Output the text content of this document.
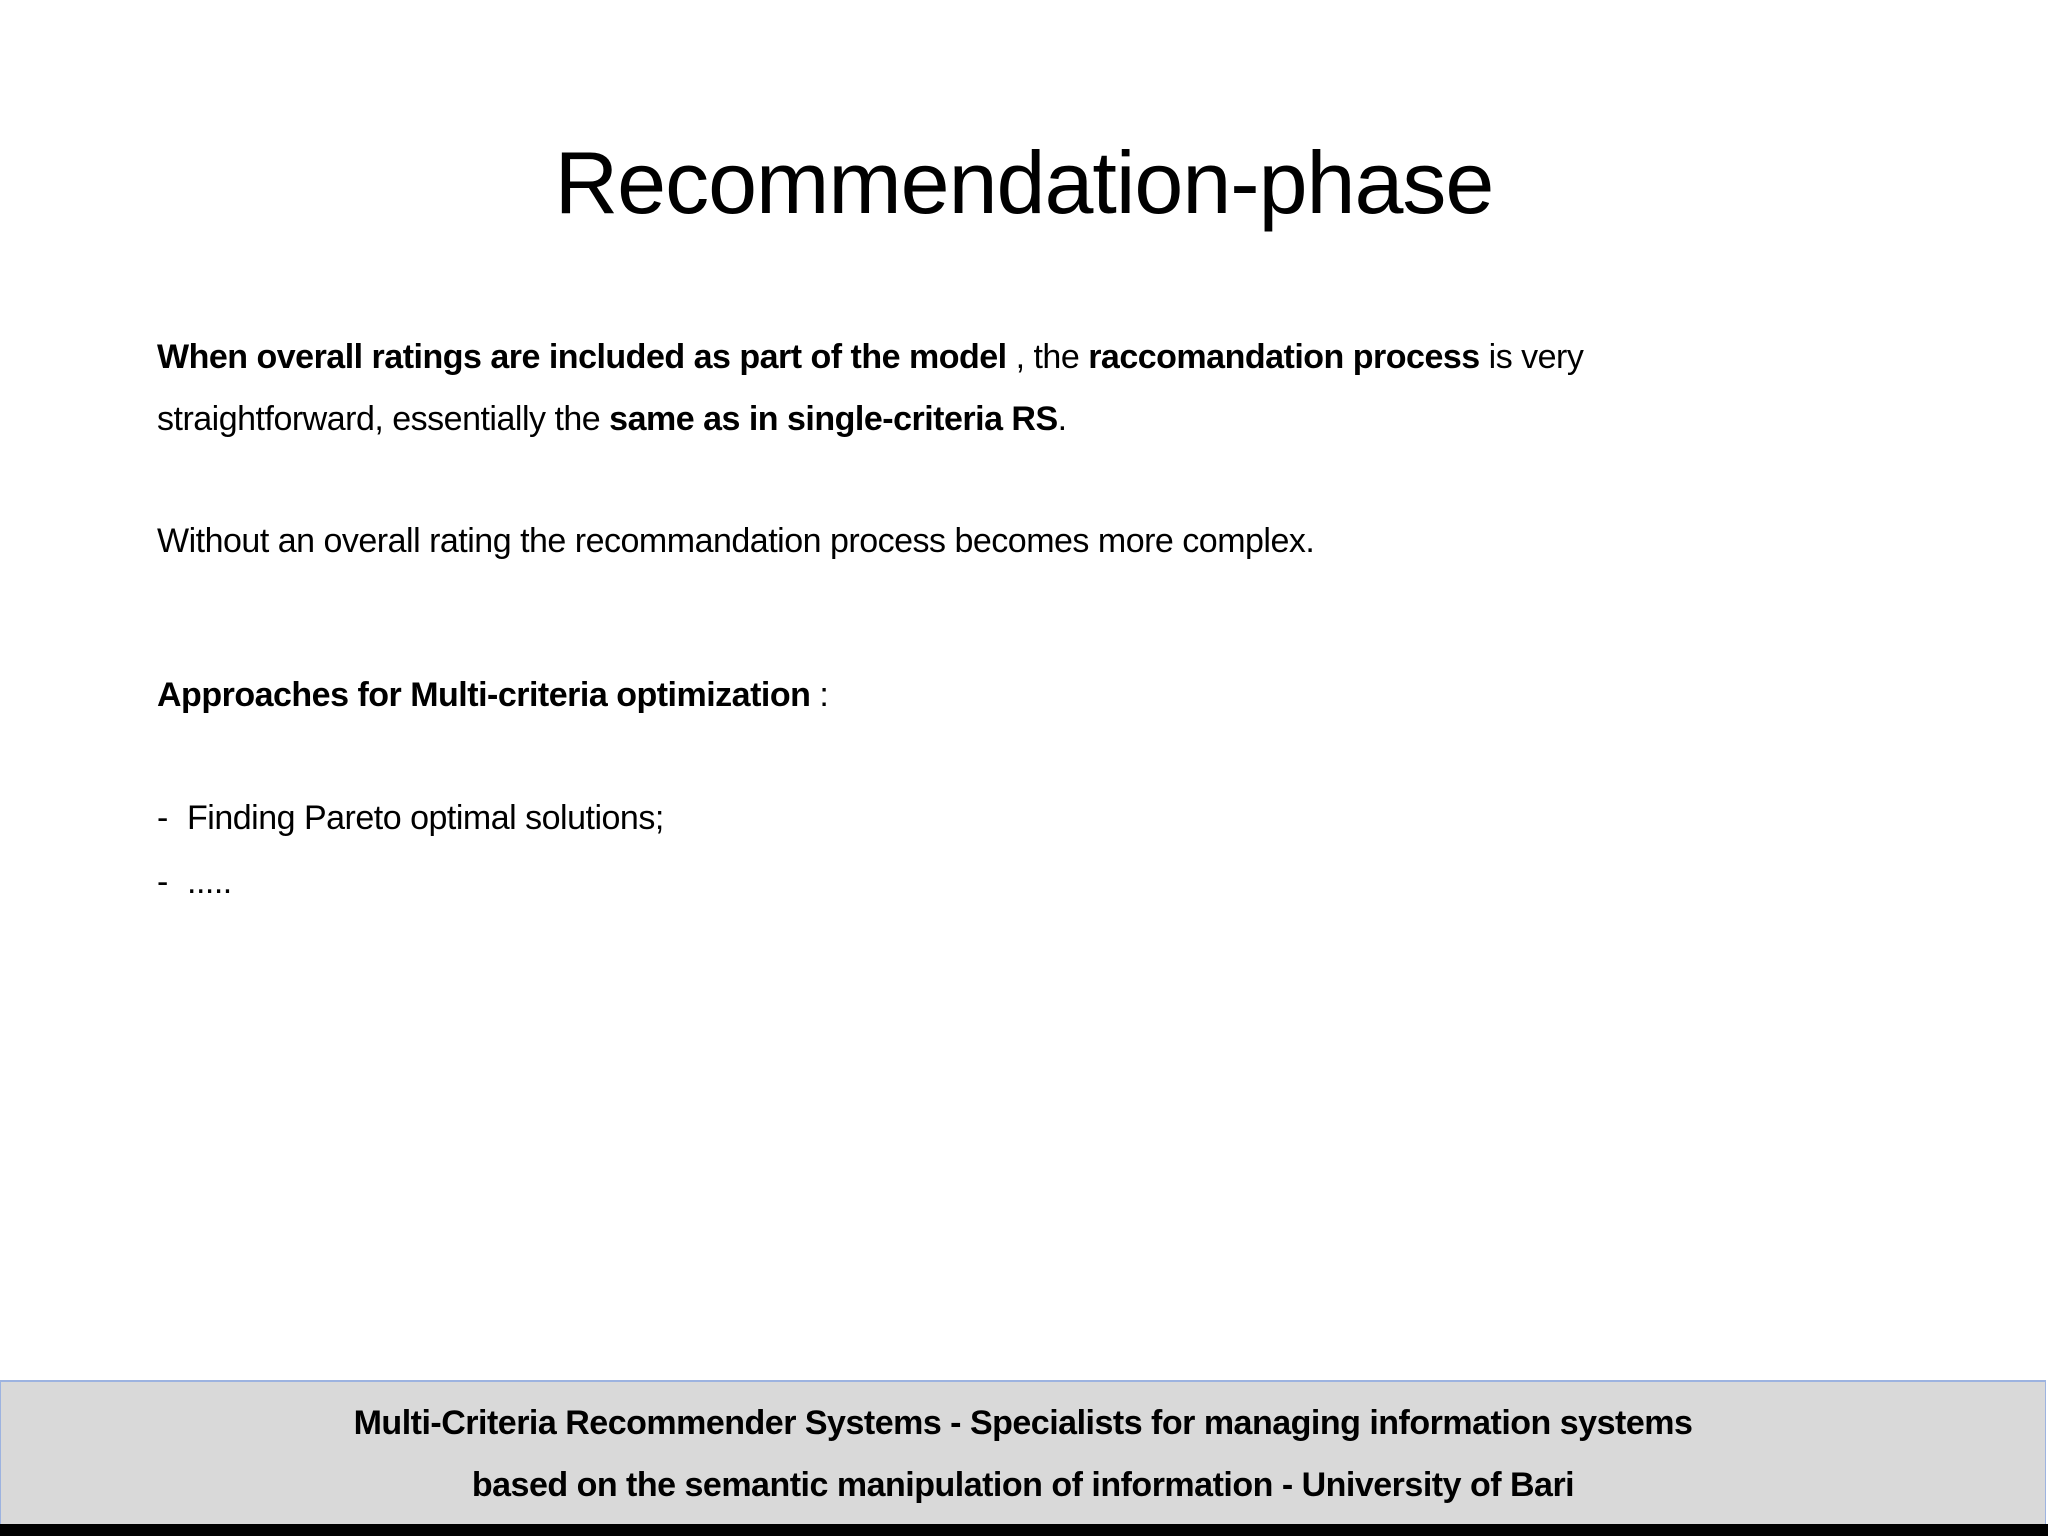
Recommendation-phase

When overall ratings are included as part of the model , the raccomandation process is very straightforward, essentially the same as in single-criteria RS.

Without an overall rating the recommandation process becomes more complex.

Approaches for Multi-criteria optimization :

- Finding Pareto optimal solutions;
- .....
Multi-Criteria Recommender Systems - Specialists for managing information systems
based on the semantic manipulation of information - University of Bari
